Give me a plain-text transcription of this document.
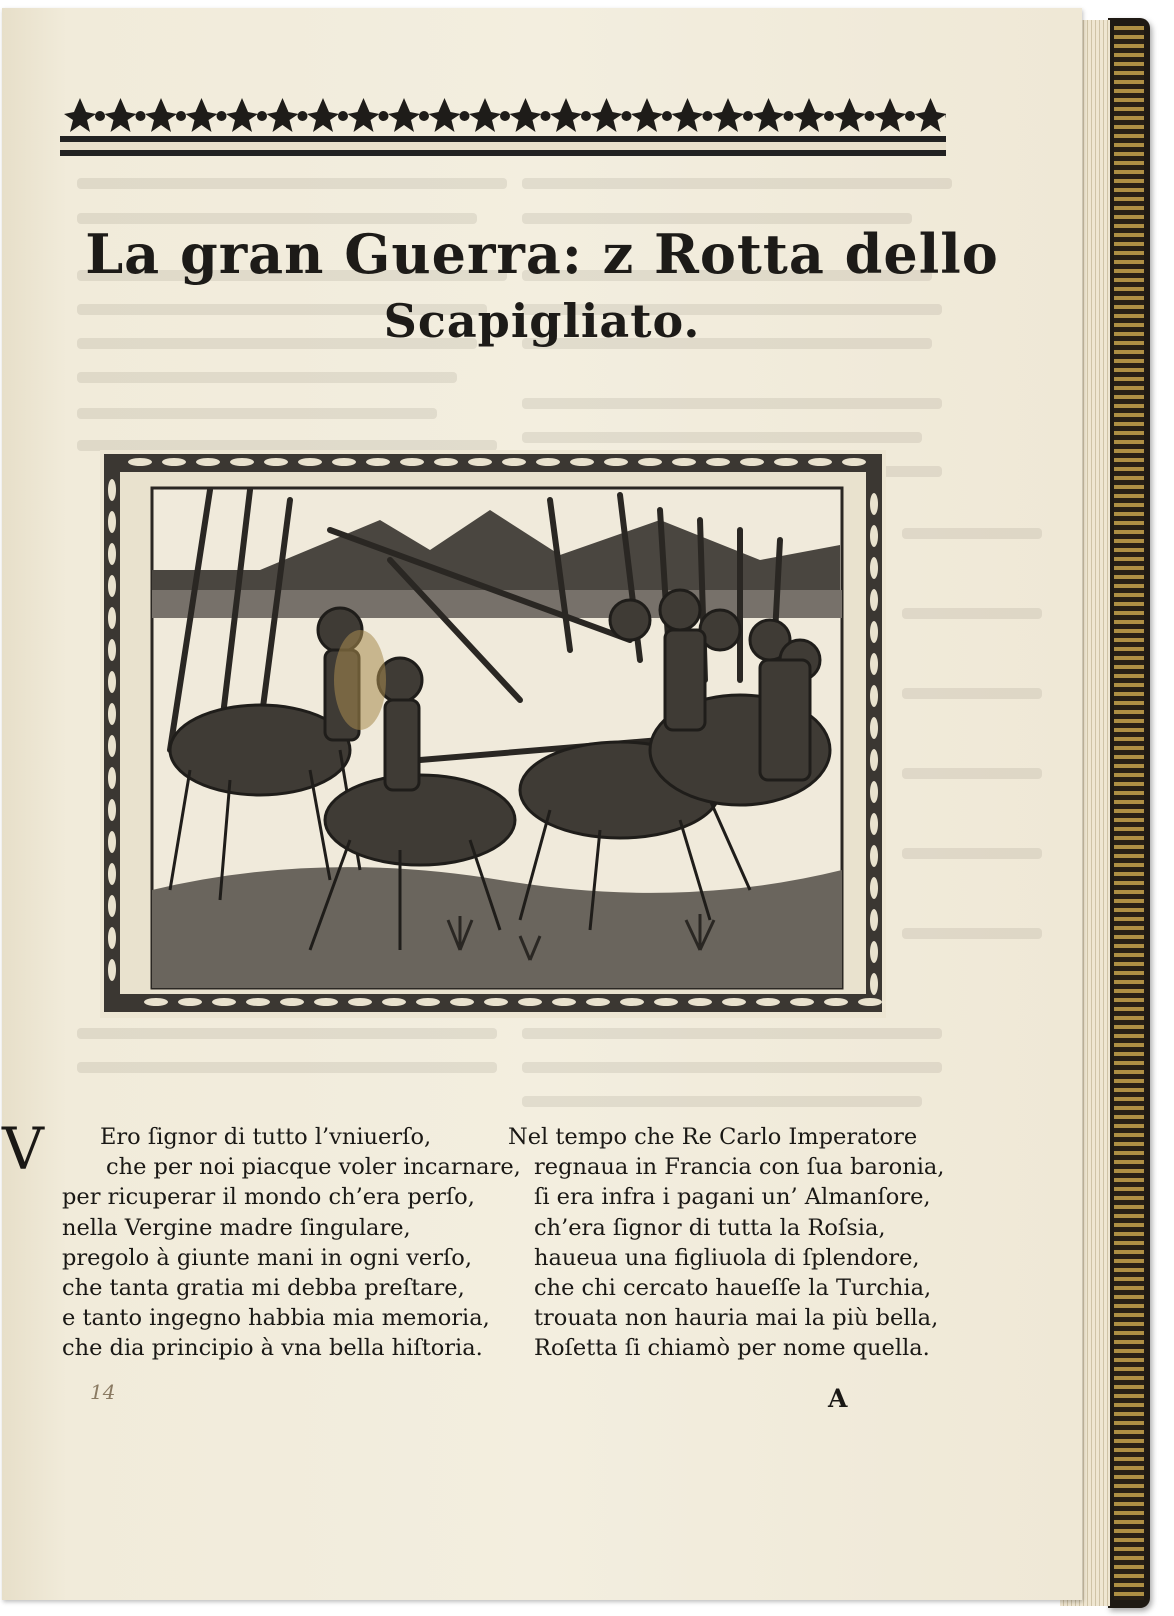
La gran Guerra: z Rotta dello
Scapigliato.
V	Ero ſignor di tutto l’vniuerſo,
che per noi piacque voler incarnare,
per ricuperar il mondo ch’era perſo,
nella Vergine madre ſingulare,
pregolo à giunte mani in ogni verſo,
che tanta gratia mi debba preſtare,
e tanto ingegno habbia mia memoria,
che dia principio à vna bella hiſtoria.
Nel tempo che Re Carlo Imperatore
regnaua in Francia con ſua baronia,
ſi era infra i pagani un’ Almanſore,
ch’era ſignor di tutta la Roſsia,
haueua una figliuola di ſplendore,
che chi cercato haueſſe la Turchia,
trouata non hauria mai la più bella,
Roſetta ſi chiamò per nome quella.
14	A
